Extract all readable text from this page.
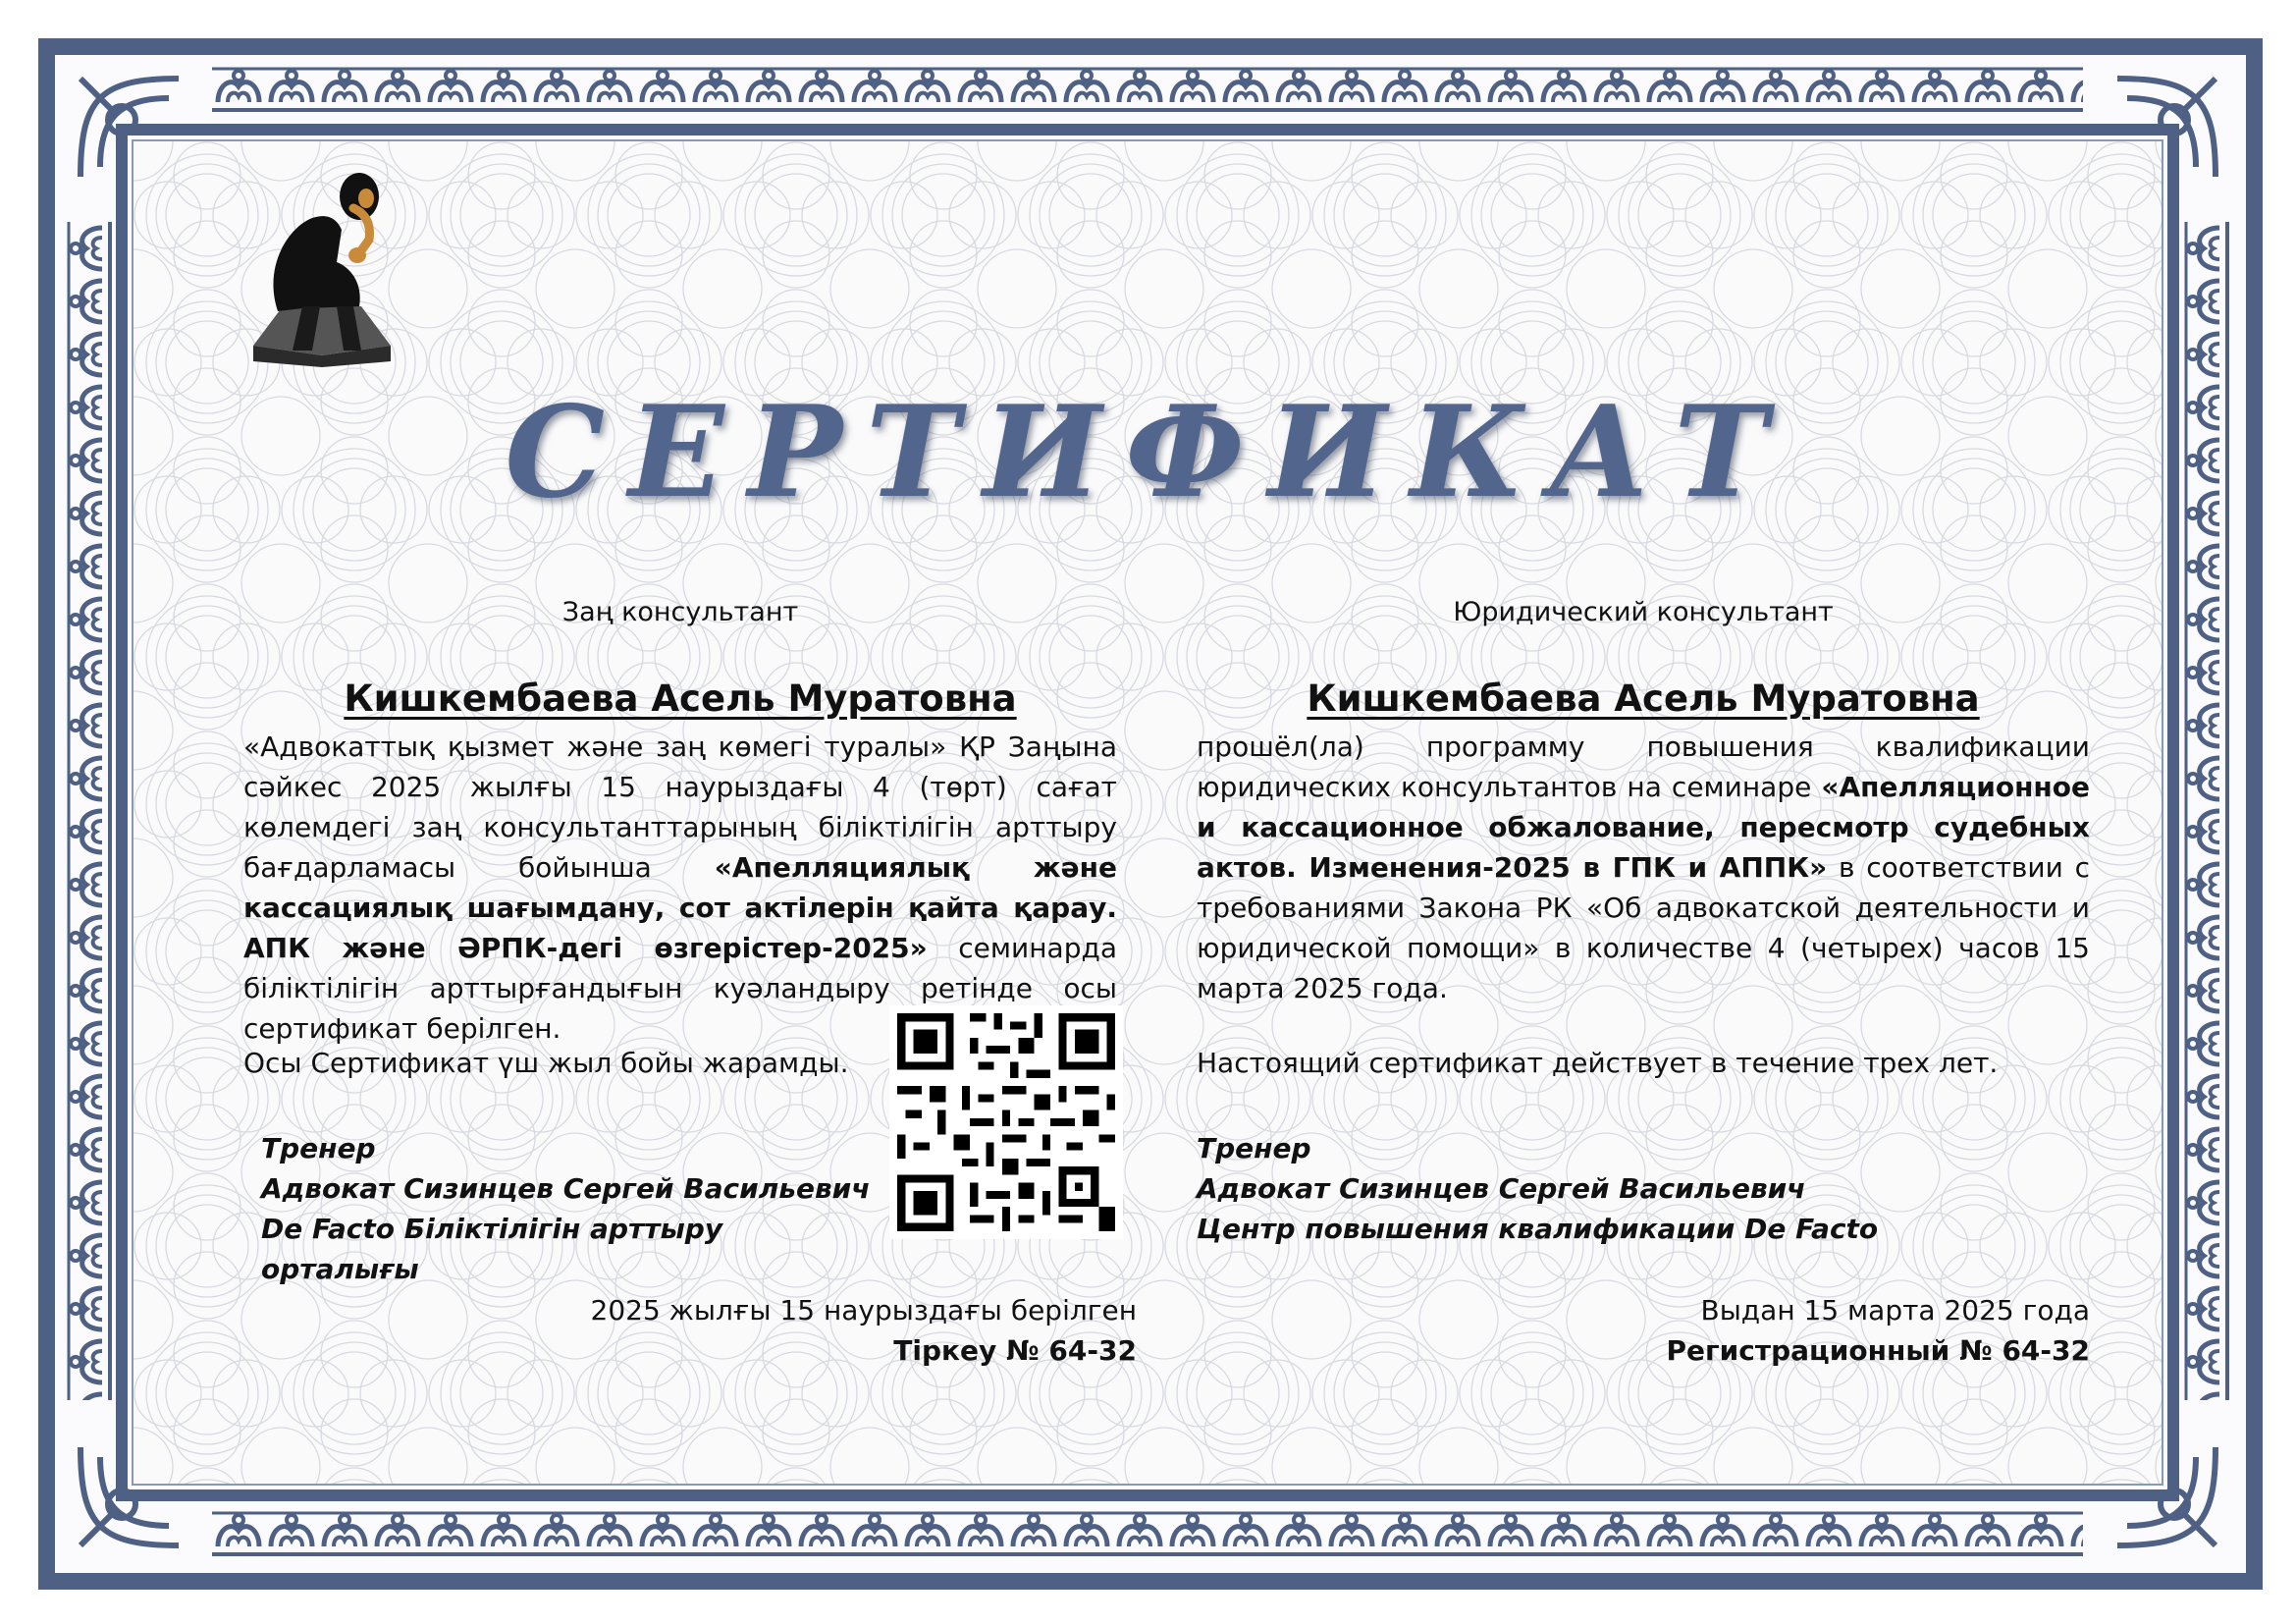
СЕРТИФИКАТ
Заң консультант
Кишкембаева Асель Муратовна
«Адвокаттық қызмет және заң көмегі туралы» ҚР Заңына сәйкес 2025 жылғы 15 наурыздағы 4 (төрт) сағат көлемдегі заң консультанттарының біліктілігін арттыру бағдарламасы бойынша «Апелляциялық және кассациялық шағымдану, сот актілерін қайта қарау. АПК және ӘРПК-дегі өзгерістер-2025» семинарда біліктілігін арттырғандығын куәландыру ретінде осы сертификат берілген.
Осы Сертификат үш жыл бойы жарамды.
Тренер
Адвокат Сизинцев Сергей Васильевич
De Facto Біліктілігін арттыру орталығы
2025 жылғы 15 наурыздағы берілген
Тіркеу № 64-32
Юридический консультант
Кишкембаева Асель Муратовна
прошёл(ла) программу повышения квалификации юридических консультантов на семинаре «Апелляционное и кассационное обжалование, пересмотр судебных актов. Изменения-2025 в ГПК и АППК» в соответствии с требованиями Закона РК «Об адвокатской деятельности и юридической помощи» в количестве 4 (четырех) часов 15 марта 2025 года.
Настоящий сертификат действует в течение трех лет.
Тренер
Адвокат Сизинцев Сергей Васильевич
Центр повышения квалификации De Facto
Выдан 15 марта 2025 года
Регистрационный № 64-32
